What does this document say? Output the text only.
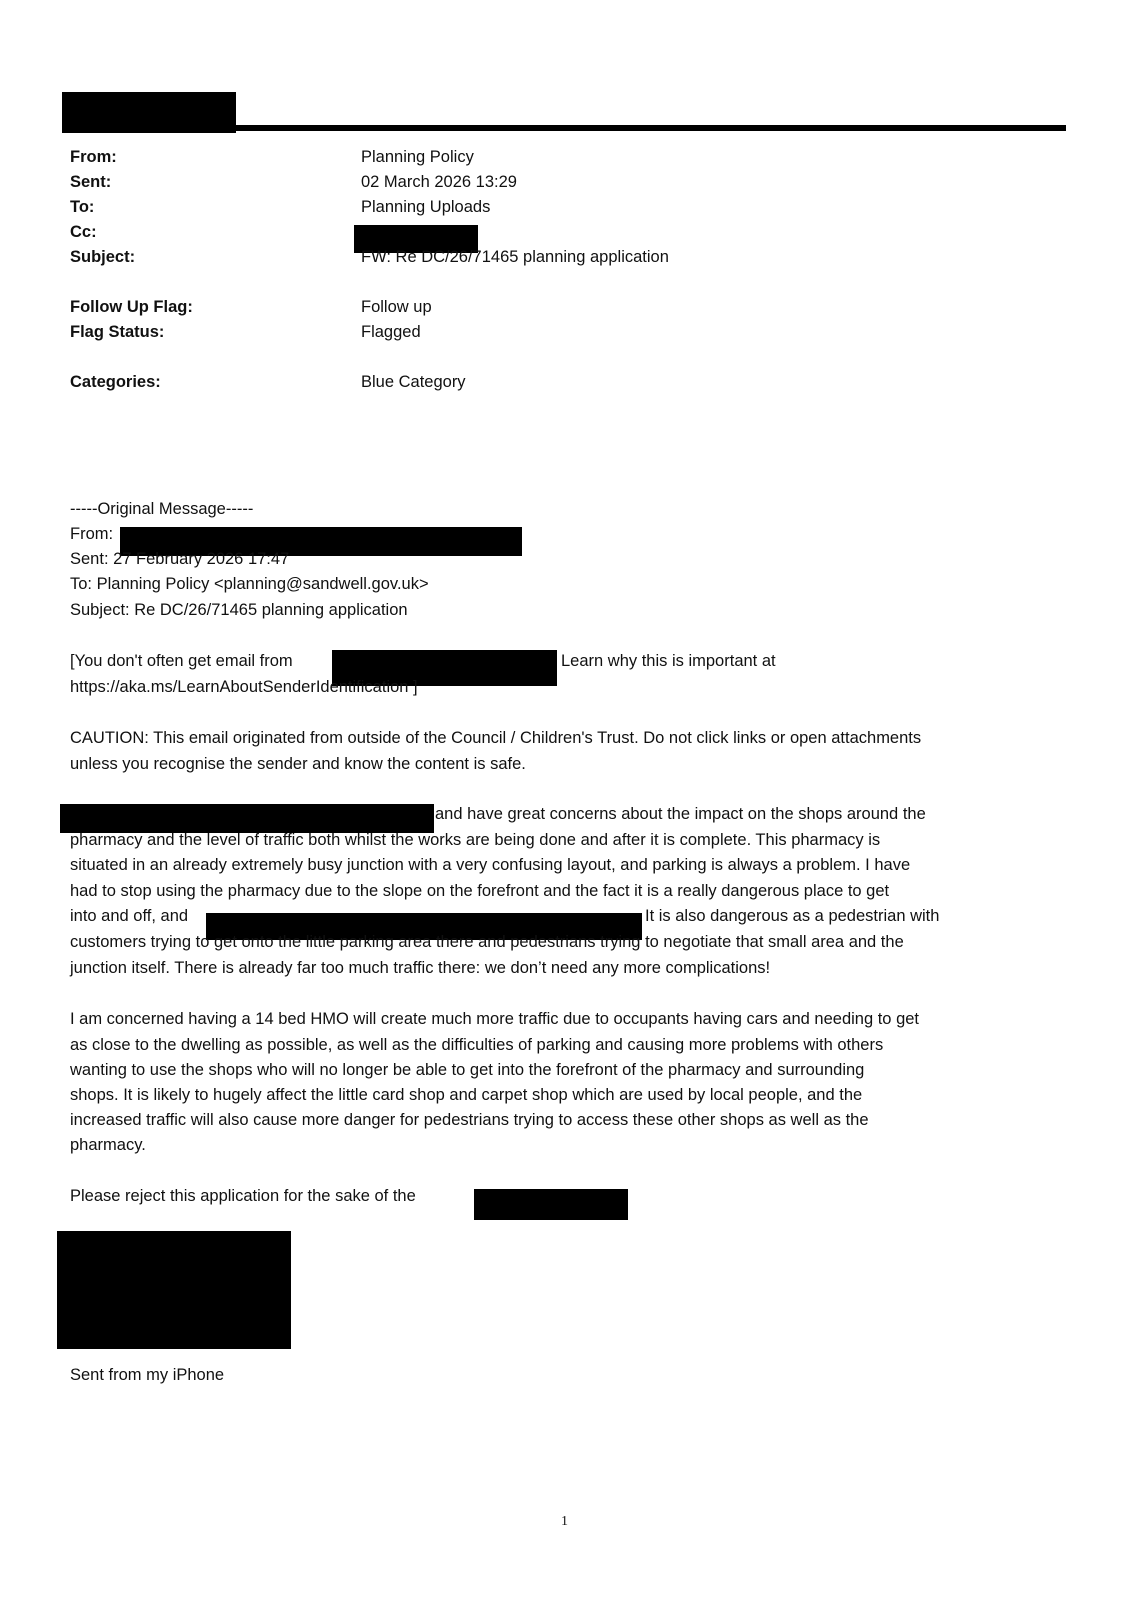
From:	Planning Policy
Sent:	02 March 2026 13:29
To:	Planning Uploads
Cc:
Subject:	FW: Re DC/26/71465 planning application
Follow Up Flag:	Follow up
Flag Status:	Flagged
Categories:	Blue Category
-----Original Message-----
From:
Sent: 27 February 2026 17:47
To: Planning Policy <planning@sandwell.gov.uk>
Subject: Re DC/26/71465 planning application
[You don't often get email from	Learn why this is important at
https://aka.ms/LearnAboutSenderIdentification ]
CAUTION: This email originated from outside of the Council / Children's Trust. Do not click links or open attachments
unless you recognise the sender and know the content is safe.
and have great concerns about the impact on the shops around the
pharmacy and the level of traffic both whilst the works are being done and after it is complete. This pharmacy is
situated in an already extremely busy junction with a very confusing layout, and parking is always a problem. I have
had to stop using the pharmacy due to the slope on the forefront and the fact it is a really dangerous place to get
into and off, and	It is also dangerous as a pedestrian with
customers trying to get onto the little parking area there and pedestrians trying to negotiate that small area and the
junction itself. There is already far too much traffic there: we don’t need any more complications!
I am concerned having a 14 bed HMO will create much more traffic due to occupants having cars and needing to get
as close to the dwelling as possible, as well as the difficulties of parking and causing more problems with others
wanting to use the shops who will no longer be able to get into the forefront of the pharmacy and surrounding
shops. It is likely to hugely affect the little card shop and carpet shop which are used by local people, and the
increased traffic will also cause more danger for pedestrians trying to access these other shops as well as the
pharmacy.
Please reject this application for the sake of the
Sent from my iPhone
1
